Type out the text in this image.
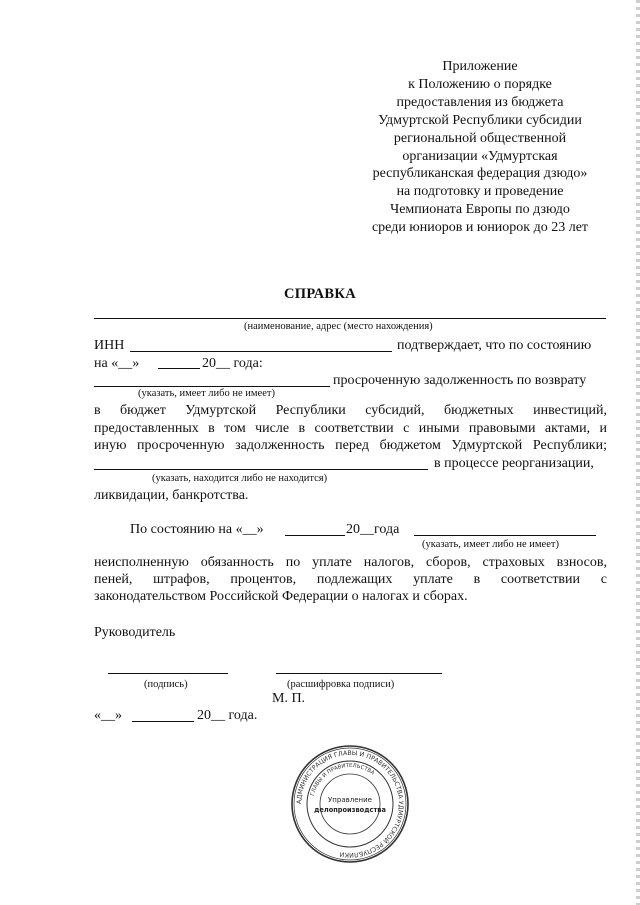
Приложение
к Положению о порядке
предоставления из бюджета
Удмуртской Республики субсидии
региональной общественной
организации «Удмуртская
республиканская федерация дзюдо»
на подготовку и проведение
Чемпионата Европы по дзюдо
среди юниоров и юниорок до 23 лет
СПРАВКА
(наименование, адрес (место нахождения)
ИНН	подтверждает, что по состоянию
на «__»	20__ года:
просроченную задолженность по возврату
(указать, имеет либо не имеет)
в бюджет Удмуртской Республики субсидий, бюджетных инвестиций,
предоставленных в том числе в соответствии с иными правовыми актами, и
иную просроченную задолженность перед бюджетом Удмуртской Республики;
в процессе реорганизации,
(указать, находится либо не находится)
ликвидации, банкротства.
По состоянию на «__»	20__года
(указать, имеет либо не имеет)
неисполненную обязанность по уплате налогов, сборов, страховых взносов,
пеней, штрафов, процентов, подлежащих уплате в соответствии с
законодательством Российской Федерации о налогах и сборах.
Руководитель
(подпись)	(расшифровка подписи)
М. П.
«__»	20__ года.
АДМИНИСТРАЦИЯ ГЛАВЫ И ПРАВИТЕЛЬСТВА УДМУРТСКОЙ РЕСПУБЛИКИ
ГЛАВЫ И ПРАВИТЕЛЬСТВА
Управление
делопроизводства
